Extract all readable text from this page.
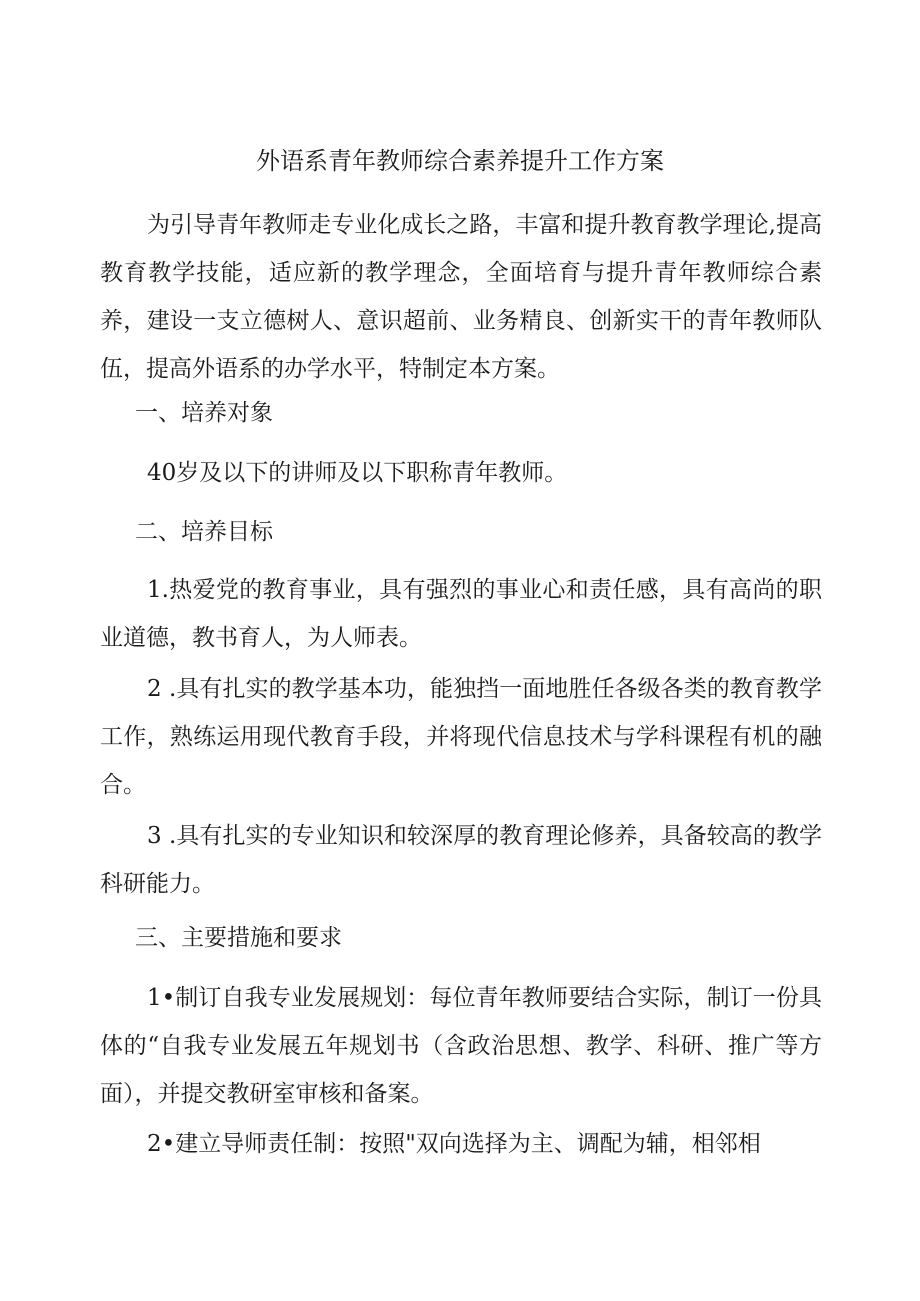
外语系青年教师综合素养提升工作方案

为引导青年教师走专业化成长之路，丰富和提升教育教学理论,提高教育教学技能，适应新的教学理念，全面培育与提升青年教师综合素养，建设一支立德树人、意识超前、业务精良、创新实干的青年教师队伍，提高外语系的办学水平，特制定本方案。

一、培养对象

40岁及以下的讲师及以下职称青年教师。

二、培养目标

1.热爱党的教育事业，具有强烈的事业心和责任感，具有高尚的职业道德，教书育人，为人师表。

2 .具有扎实的教学基本功，能独挡一面地胜任各级各类的教育教学工作，熟练运用现代教育手段，并将现代信息技术与学科课程有机的融合。

3 .具有扎实的专业知识和较深厚的教育理论修养，具备较高的教学科研能力。

三、主要措施和要求

1•制订自我专业发展规划：每位青年教师要结合实际，制订一份具体的“自我专业发展五年规划书（含政治思想、教学、科研、推广等方面），并提交教研室审核和备案。

2•建立导师责任制：按照"双向选择为主、调配为辅，相邻相
